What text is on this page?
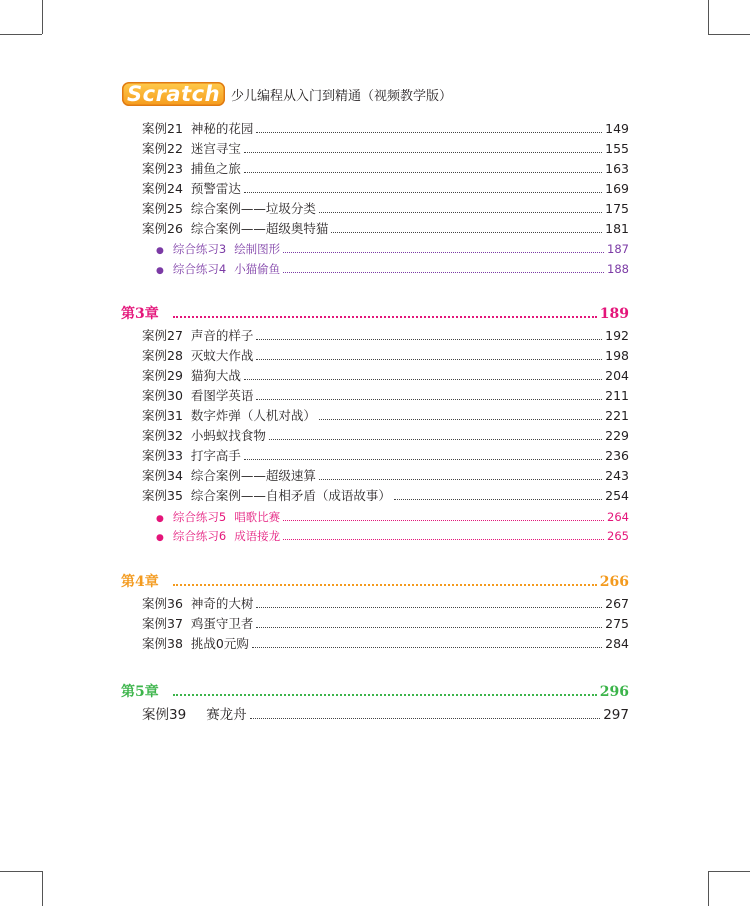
Scratch 少儿编程从入门到精通（视频教学版）
案例21 神秘的花园	149
案例22 迷宫寻宝	155
案例23 捕鱼之旅	163
案例24 预警雷达	169
案例25 综合案例——垃圾分类	175
案例26 综合案例——超级奥特猫	181
● 综合练习3 绘制图形	187
● 综合练习4 小猫偷鱼	188
第3章	189
案例27 声音的样子	192
案例28 灭蚊大作战	198
案例29 猫狗大战	204
案例30 看图学英语	211
案例31 数字炸弹（人机对战）	221
案例32 小蚂蚁找食物	229
案例33 打字高手	236
案例34 综合案例——超级速算	243
案例35 综合案例——自相矛盾（成语故事）	254
● 综合练习5 唱歌比赛	264
● 综合练习6 成语接龙	265
第4章	266
案例36 神奇的大树	267
案例37 鸡蛋守卫者	275
案例38 挑战0元购	284
第5章	296
案例39 赛龙舟	297
